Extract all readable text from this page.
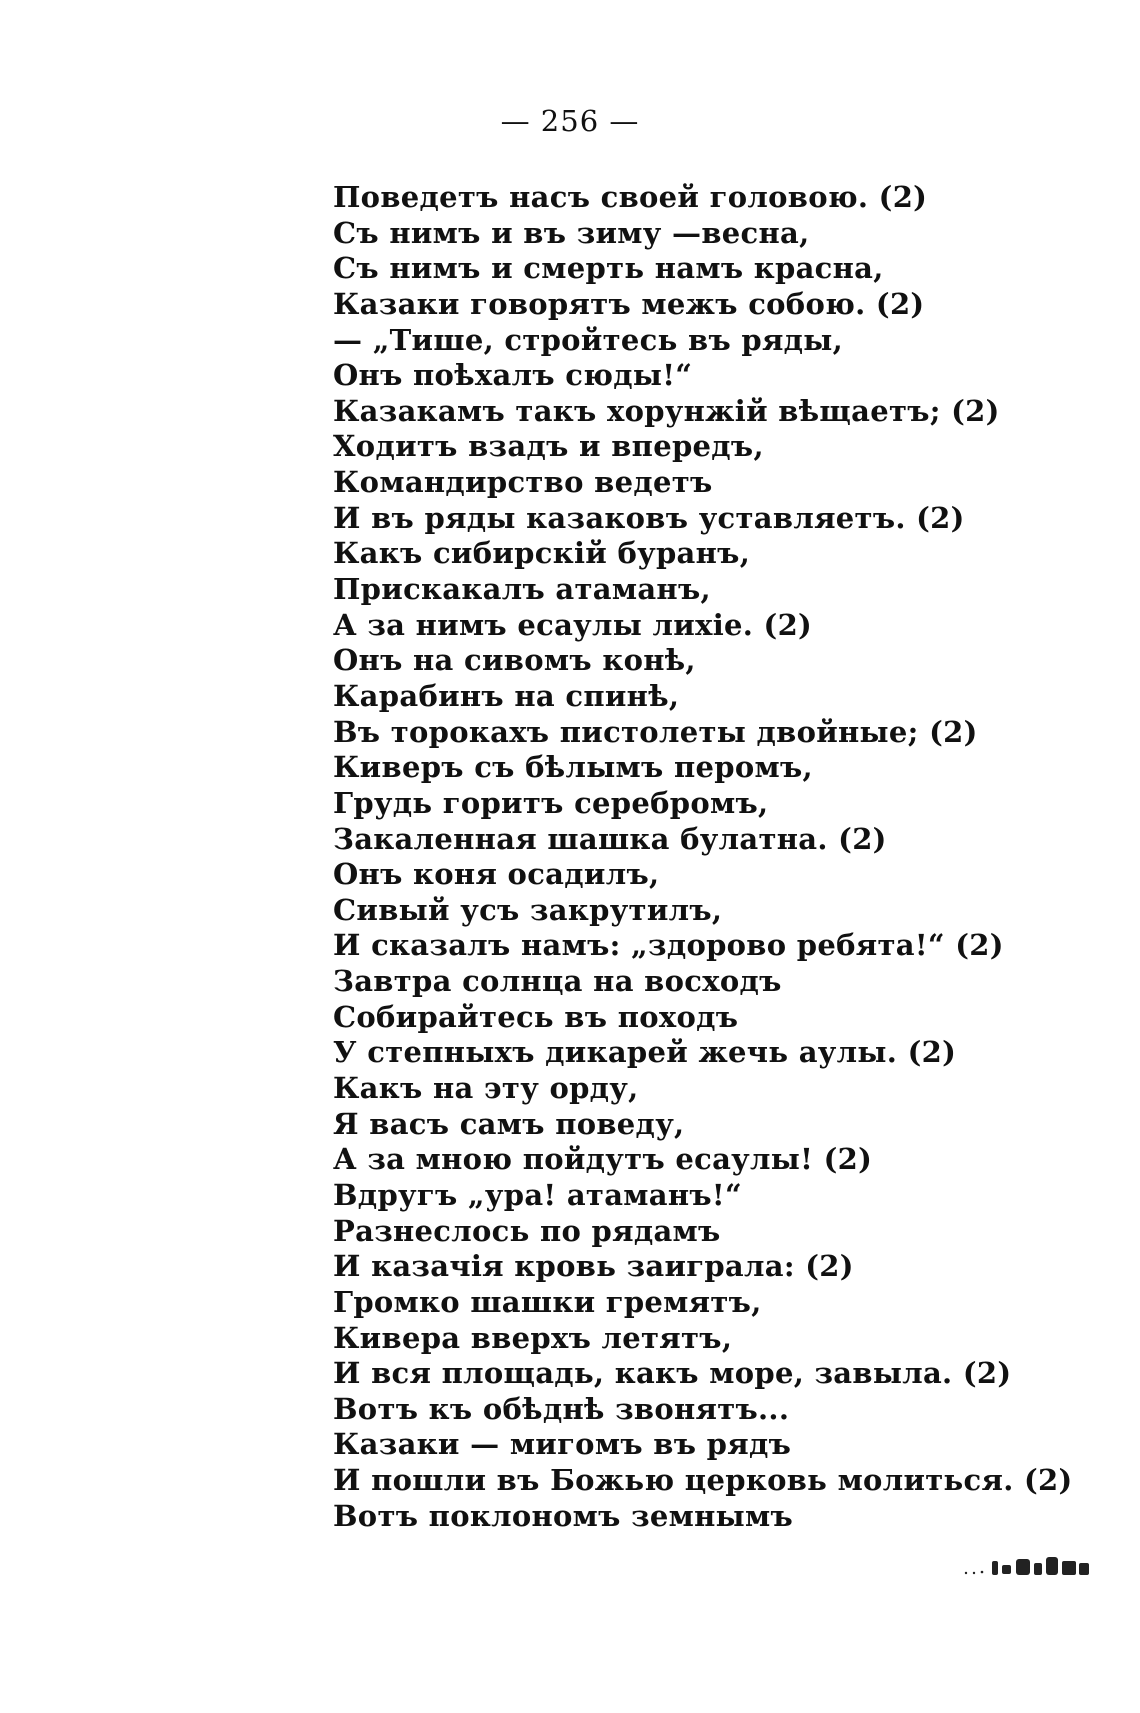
— 256 —
Поведетъ насъ своей головою. (2)
Съ нимъ и въ зиму —весна,
Съ нимъ и смерть намъ красна,
Казаки говорятъ межъ собою. (2)
— „Тише, стройтесь въ ряды,
Онъ поѣхалъ сюды!“
Казакамъ такъ хорунжій вѣщаетъ; (2)
Ходитъ взадъ и впередъ,
Командирство ведетъ
И въ ряды казаковъ уставляетъ. (2)
Какъ сибирскій буранъ,
Прискакалъ атаманъ,
А за нимъ есаулы лихіе. (2)
Онъ на сивомъ конѣ,
Карабинъ на спинѣ,
Въ торокахъ пистолеты двойные; (2)
Киверъ съ бѣлымъ перомъ,
Грудь горитъ серебромъ,
Закаленная шашка булатна. (2)
Онъ коня осадилъ,
Сивый усъ закрутилъ,
И сказалъ намъ: „здорово ребята!“ (2)
Завтра солнца на восходъ
Собирайтесь въ походъ
У степныхъ дикарей жечь аулы. (2)
Какъ на эту орду,
Я васъ самъ поведу,
А за мною пойдутъ есаулы! (2)
Вдругъ „ура! атаманъ!“
Разнеслось по рядамъ
И казачія кровь заиграла: (2)
Громко шашки гремятъ,
Кивера вверхъ летятъ,
И вся площадь, какъ море, завыла. (2)
Вотъ къ обѣднѣ звонятъ...
Казаки — мигомъ въ рядъ
И пошли въ Божью церковь молиться. (2)
Вотъ поклономъ земнымъ
